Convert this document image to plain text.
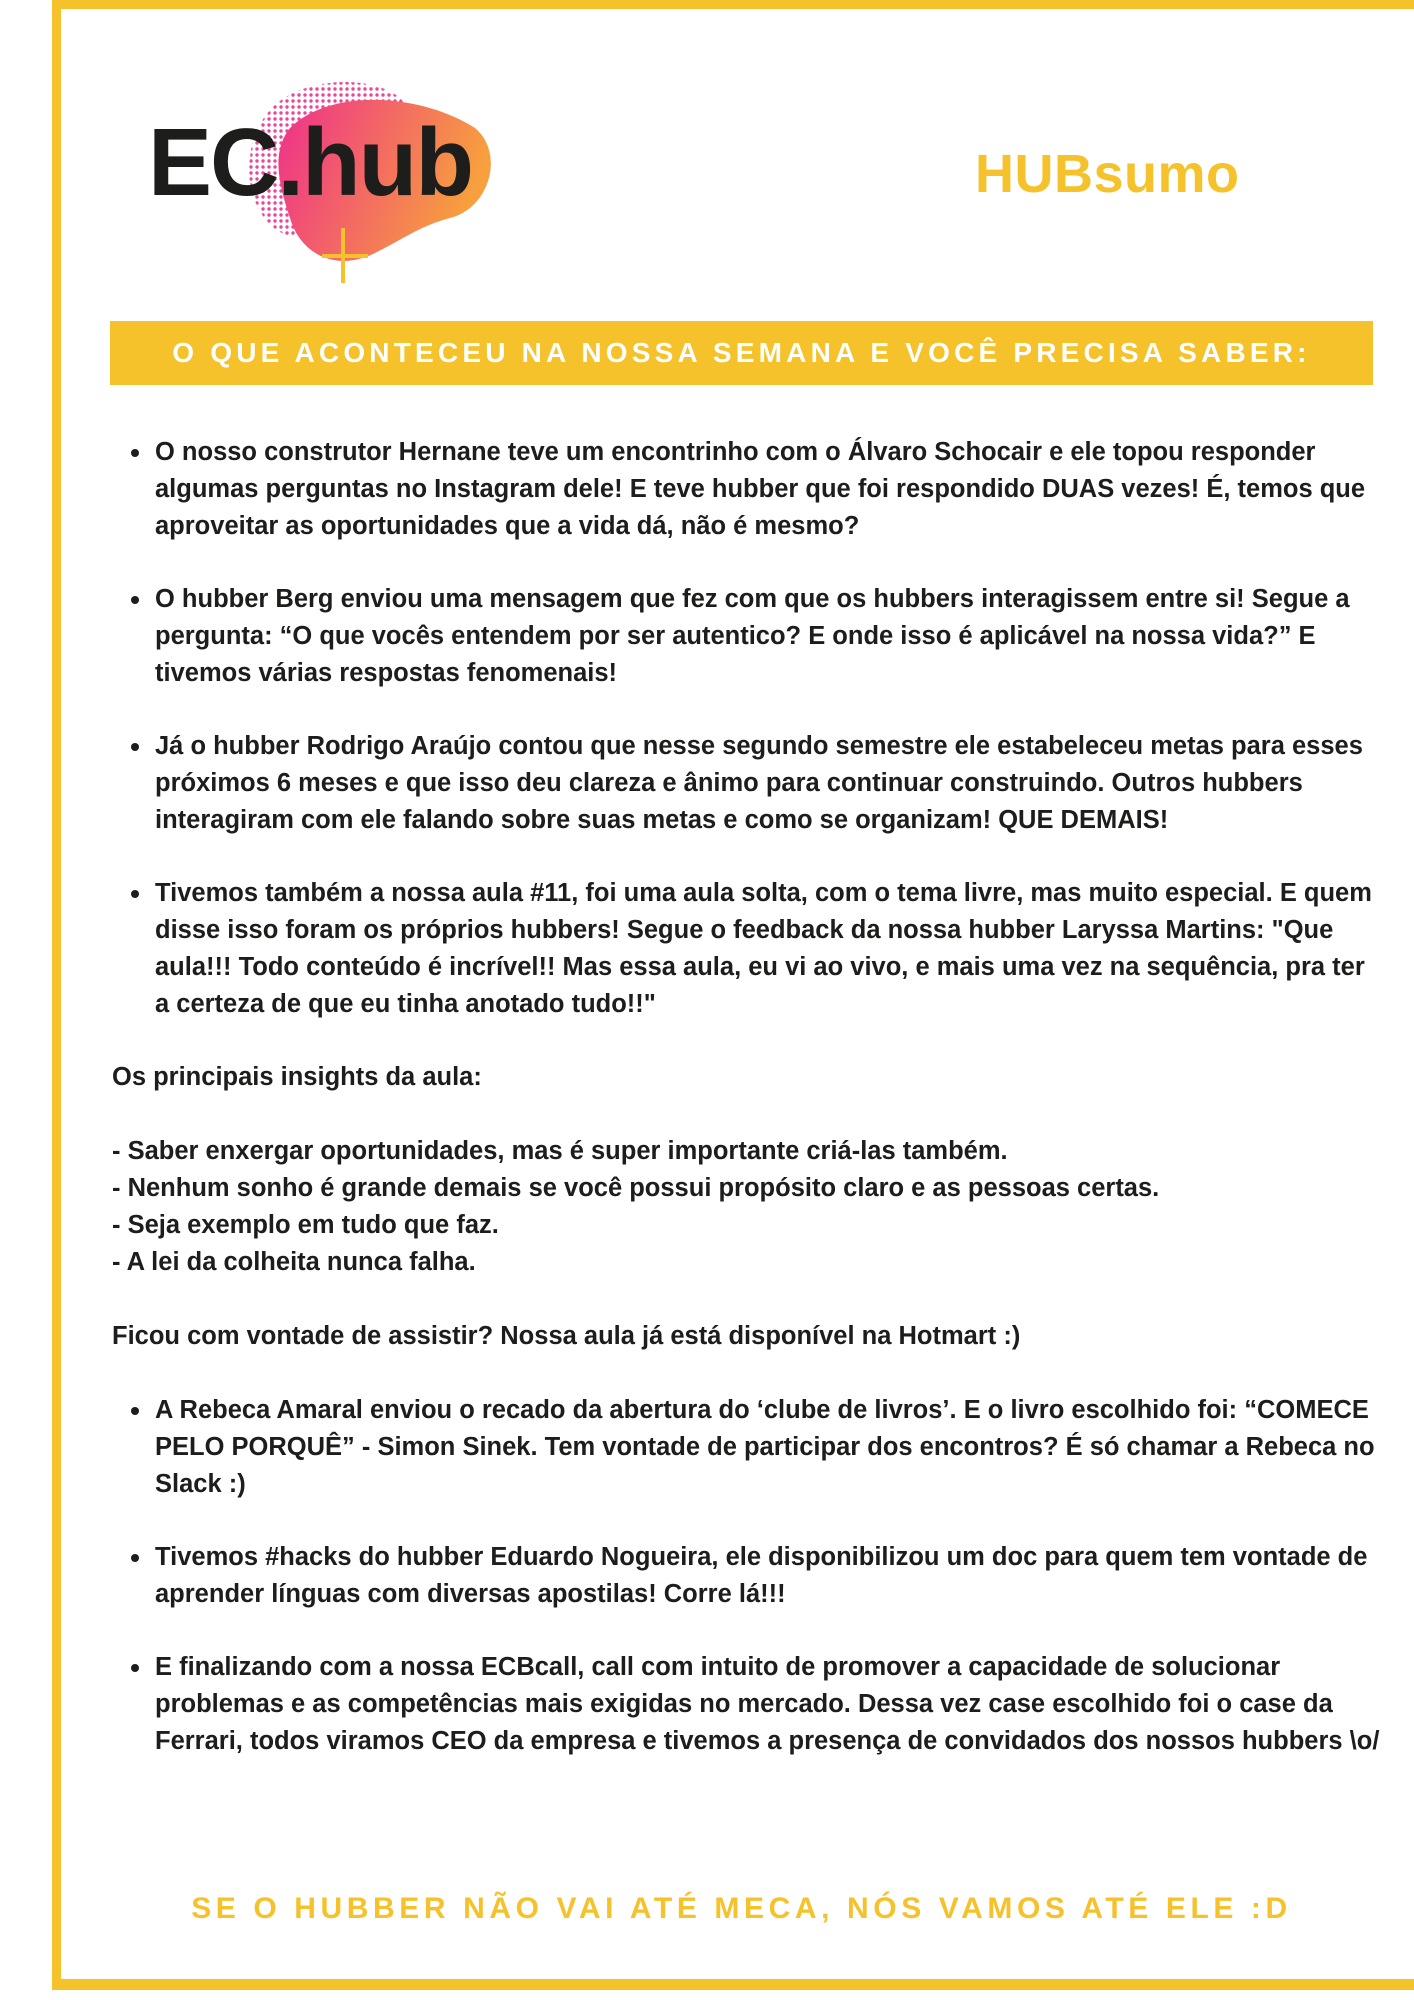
EC.hub	HUBsumo
O QUE ACONTECEU NA NOSSA SEMANA E VOCÊ PRECISA SABER:
O nosso construtor Hernane teve um encontrinho com o Álvaro Schocair e ele topou responder algumas perguntas no Instagram dele! E teve hubber que foi respondido DUAS vezes! É, temos que aproveitar as oportunidades que a vida dá, não é mesmo?
O hubber Berg enviou uma mensagem que fez com que os hubbers interagissem entre si! Segue a pergunta: “O que vocês entendem por ser autentico? E onde isso é aplicável na nossa vida?” E tivemos várias respostas fenomenais!
Já o hubber Rodrigo Araújo contou que nesse segundo semestre ele estabeleceu metas para esses próximos 6 meses e que isso deu clareza e ânimo para continuar construindo. Outros hubbers interagiram com ele falando sobre suas metas e como se organizam! QUE DEMAIS!
Tivemos também a nossa aula #11, foi uma aula solta, com o tema livre, mas muito especial. E quem disse isso foram os próprios hubbers! Segue o feedback da nossa hubber Laryssa Martins: "Que aula!!! Todo conteúdo é incrível!! Mas essa aula, eu vi ao vivo, e mais uma vez na sequência, pra ter a certeza de que eu tinha anotado tudo!!"

Os principais insights da aula:

- Saber enxergar oportunidades, mas é super importante criá-las também.
- Nenhum sonho é grande demais se você possui propósito claro e as pessoas certas.
- Seja exemplo em tudo que faz.
- A lei da colheita nunca falha.

Ficou com vontade de assistir? Nossa aula já está disponível na Hotmart :)

A Rebeca Amaral enviou o recado da abertura do ‘clube de livros’. E o livro escolhido foi: “COMECE PELO PORQUÊ” - Simon Sinek. Tem vontade de participar dos encontros? É só chamar a Rebeca no Slack :)
Tivemos #hacks do hubber Eduardo Nogueira, ele disponibilizou um doc para quem tem vontade de aprender línguas com diversas apostilas! Corre lá!!!
E finalizando com a nossa ECBcall, call com intuito de promover a capacidade de solucionar problemas e as competências mais exigidas no mercado. Dessa vez case escolhido foi o case da Ferrari, todos viramos CEO da empresa e tivemos a presença de convidados dos nossos hubbers \o/
SE O HUBBER NÃO VAI ATÉ MECA, NÓS VAMOS ATÉ ELE :D
